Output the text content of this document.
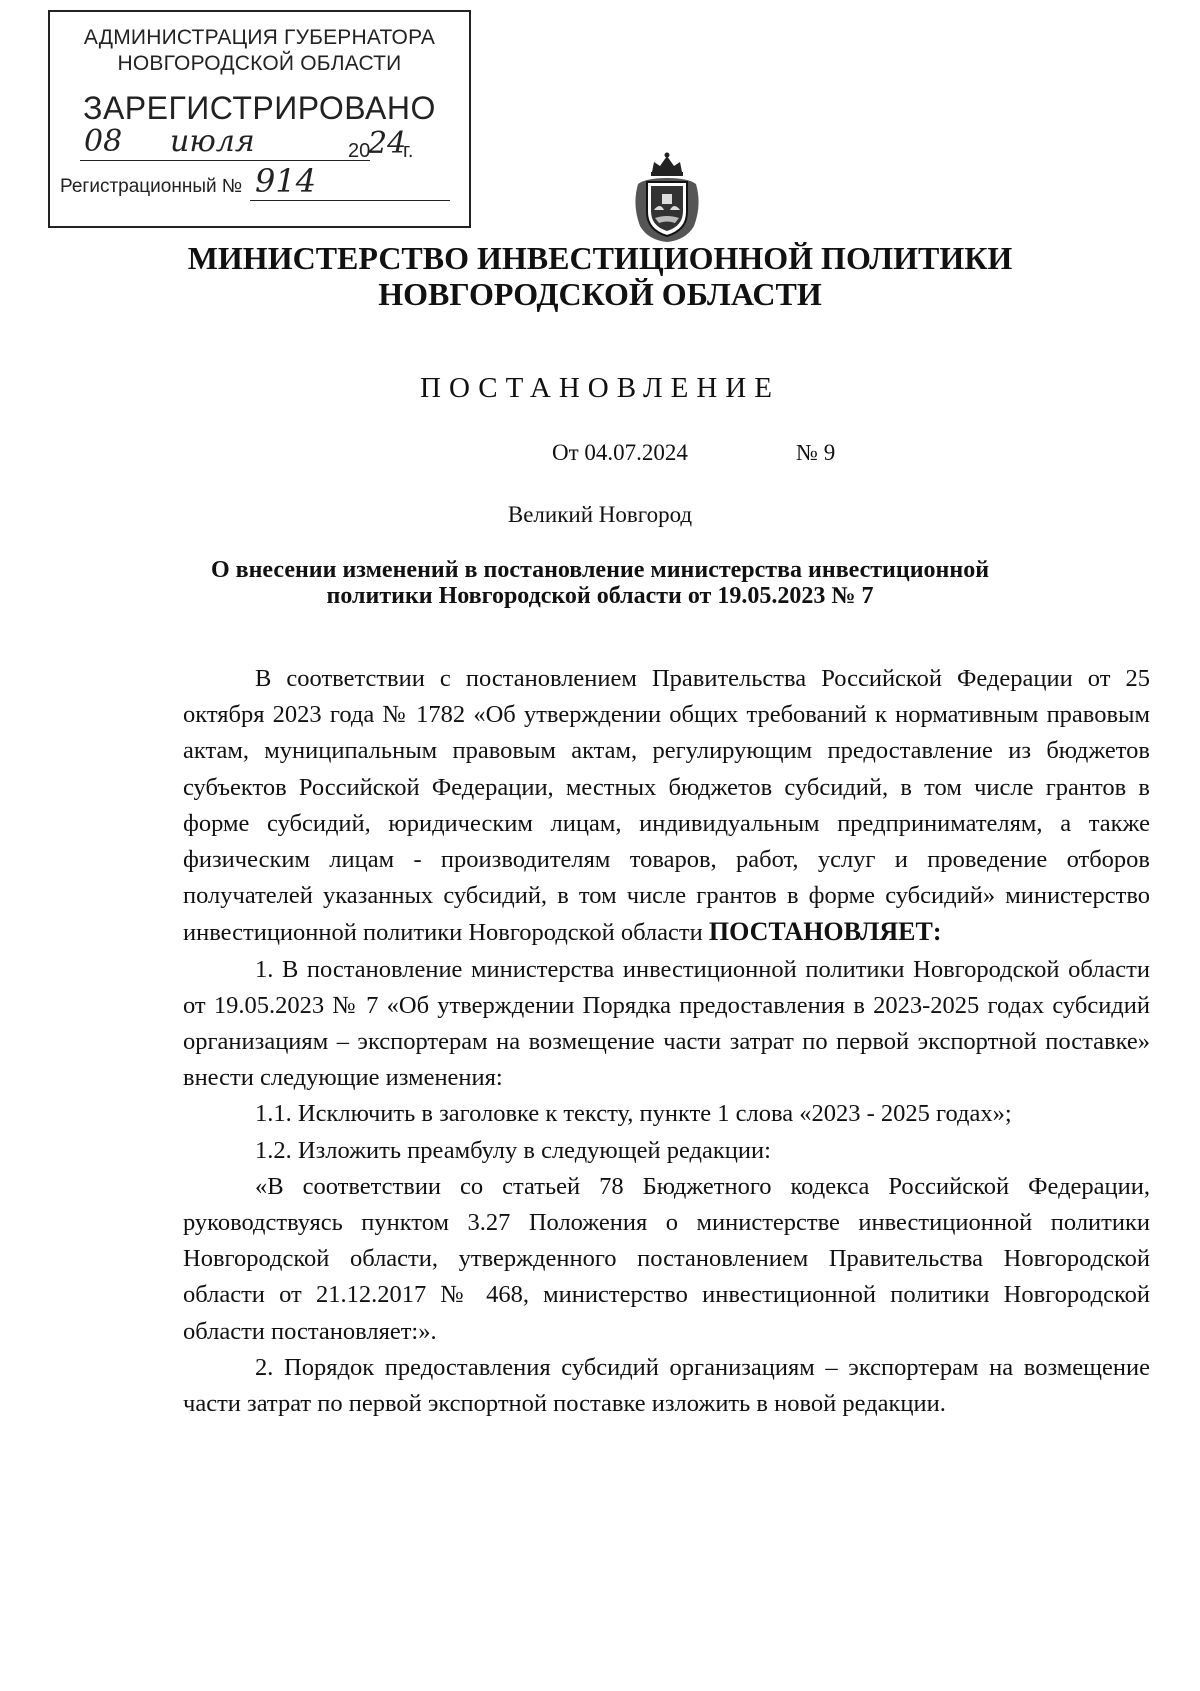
АДМИНИСТРАЦИЯ ГУБЕРНАТОРА
НОВГОРОДСКОЙ ОБЛАСТИ
ЗАРЕГИСТРИРОВАНО
08 июля	20
24
г.
Регистрационный № 914
МИНИСТЕРСТВО ИНВЕСТИЦИОННОЙ ПОЛИТИКИ
НОВГОРОДСКОЙ ОБЛАСТИ
ПОСТАНОВЛЕНИЕ
От 04.07.2024	№ 9
Великий Новгород
О внесении изменений в постановление министерства инвестиционной
политики Новгородской области от 19.05.2023 № 7

В соответствии с постановлением Правительства Российской Федерации от 25 октября 2023 года № 1782 «Об утверждении общих требований к нормативным правовым актам, муниципальным правовым актам, регулирующим предоставление из бюджетов субъектов Российской Федерации, местных бюджетов субсидий, в том числе грантов в форме субсидий, юридическим лицам, индивидуальным предпринимателям, а также физическим лицам - производителям товаров, работ, услуг и проведение отборов получателей указанных субсидий, в том числе грантов в форме субсидий» министерство инвестиционной политики Новгородской области ПОСТАНОВЛЯЕТ:

1. В постановление министерства инвестиционной политики Новгородской области от 19.05.2023 № 7 «Об утверждении Порядка предоставления в 2023-2025 годах субсидий организациям – экспортерам на возмещение части затрат по первой экспортной поставке» внести следующие изменения:

1.1. Исключить в заголовке к тексту, пункте 1 слова «2023 - 2025 годах»;

1.2. Изложить преамбулу в следующей редакции:

«В соответствии со статьей 78 Бюджетного кодекса Российской Федерации, руководствуясь пунктом 3.27 Положения о министерстве инвестиционной политики Новгородской области, утвержденного постановлением Правительства Новгородской области от 21.12.2017 № 468, министерство инвестиционной политики Новгородской области постановляет:».

2. Порядок предоставления субсидий организациям – экспортерам на возмещение части затрат по первой экспортной поставке изложить в новой редакции.
